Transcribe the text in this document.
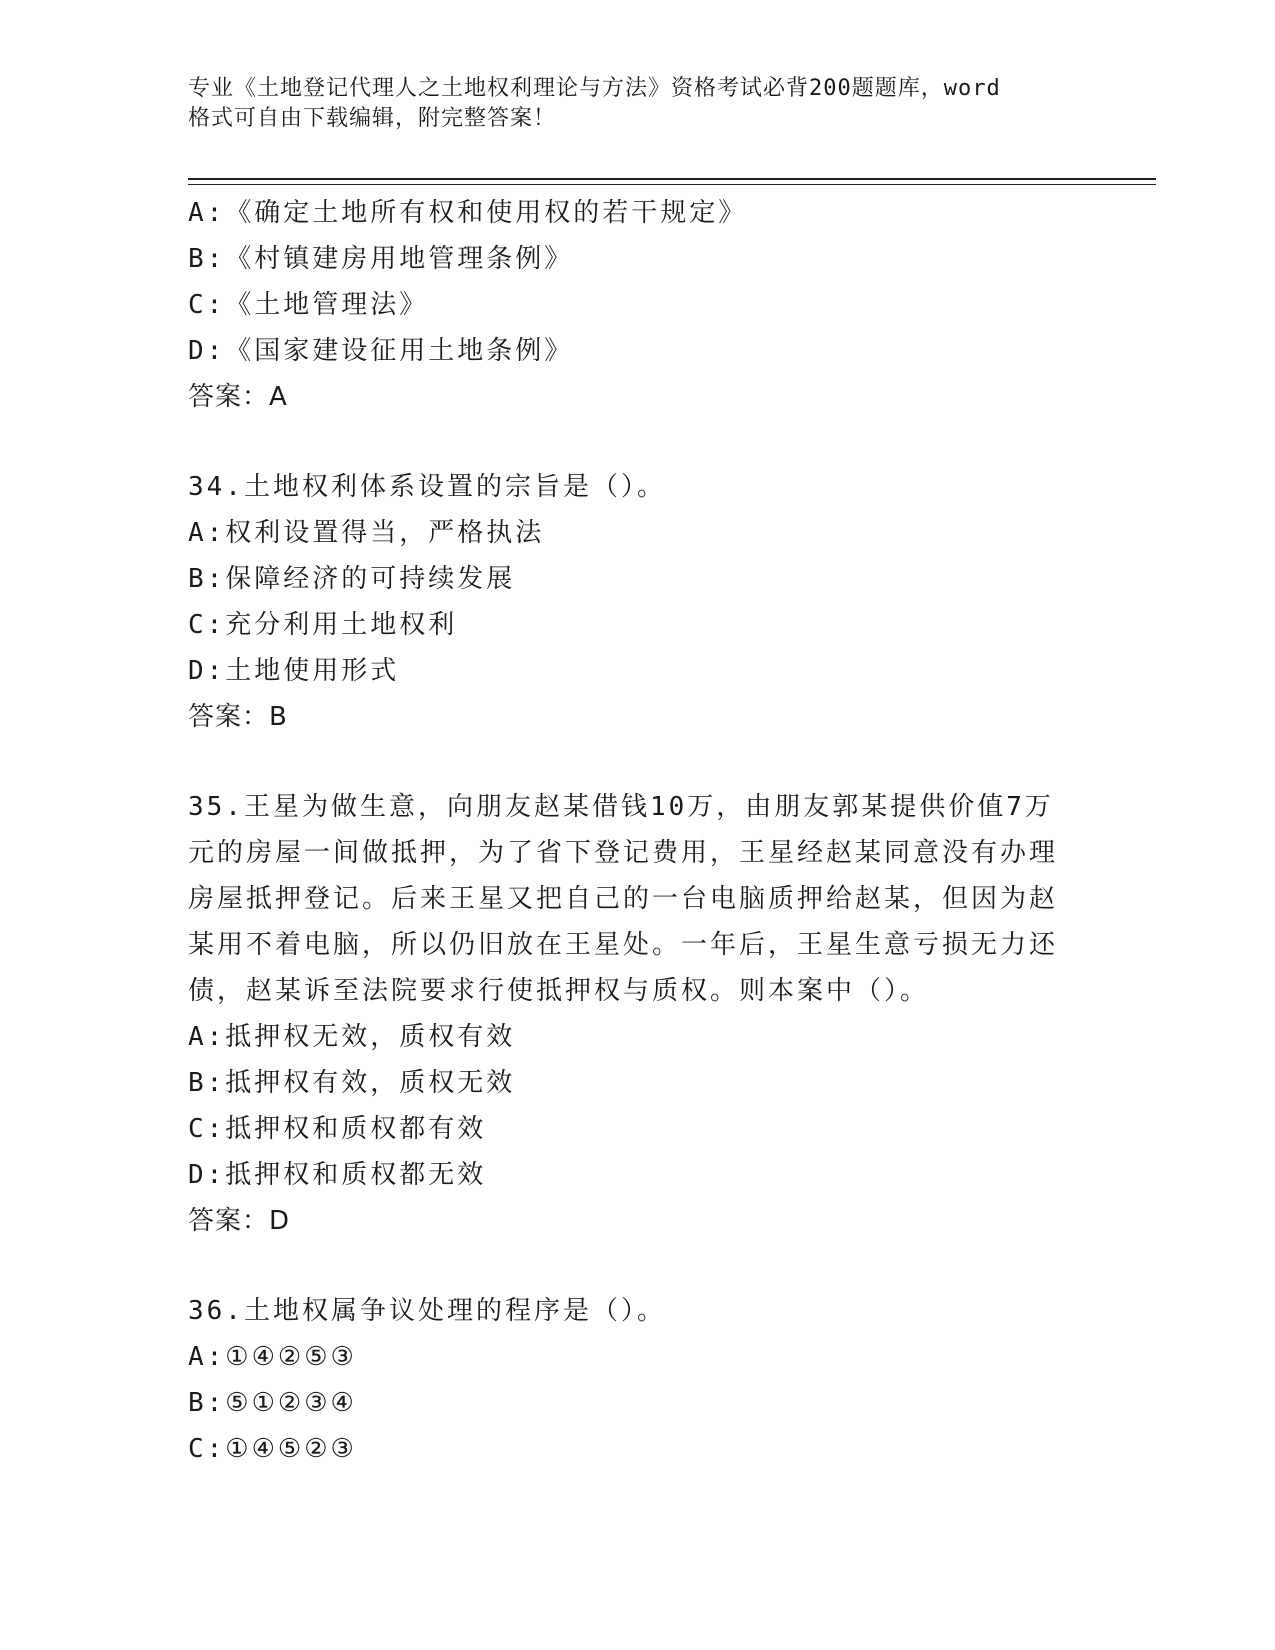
专业《土地登记代理人之土地权利理论与方法》资格考试必背200题题库，word
格式可自由下载编辑，附完整答案！
A:《确定土地所有权和使用权的若干规定》
B:《村镇建房用地管理条例》
C:《土地管理法》
D:《国家建设征用土地条例》
答案：A
34.土地权利体系设置的宗旨是（）。
A:权利设置得当，严格执法
B:保障经济的可持续发展
C:充分利用土地权利
D:土地使用形式
答案：B
35.王星为做生意，向朋友赵某借钱10万，由朋友郭某提供价值7万
元的房屋一间做抵押，为了省下登记费用，王星经赵某同意没有办理
房屋抵押登记。后来王星又把自己的一台电脑质押给赵某，但因为赵
某用不着电脑，所以仍旧放在王星处。一年后，王星生意亏损无力还
债，赵某诉至法院要求行使抵押权与质权。则本案中（）。
A:抵押权无效，质权有效
B:抵押权有效，质权无效
C:抵押权和质权都有效
D:抵押权和质权都无效
答案：D
36.土地权属争议处理的程序是（）。
A:①④②⑤③
B:⑤①②③④
C:①④⑤②③
